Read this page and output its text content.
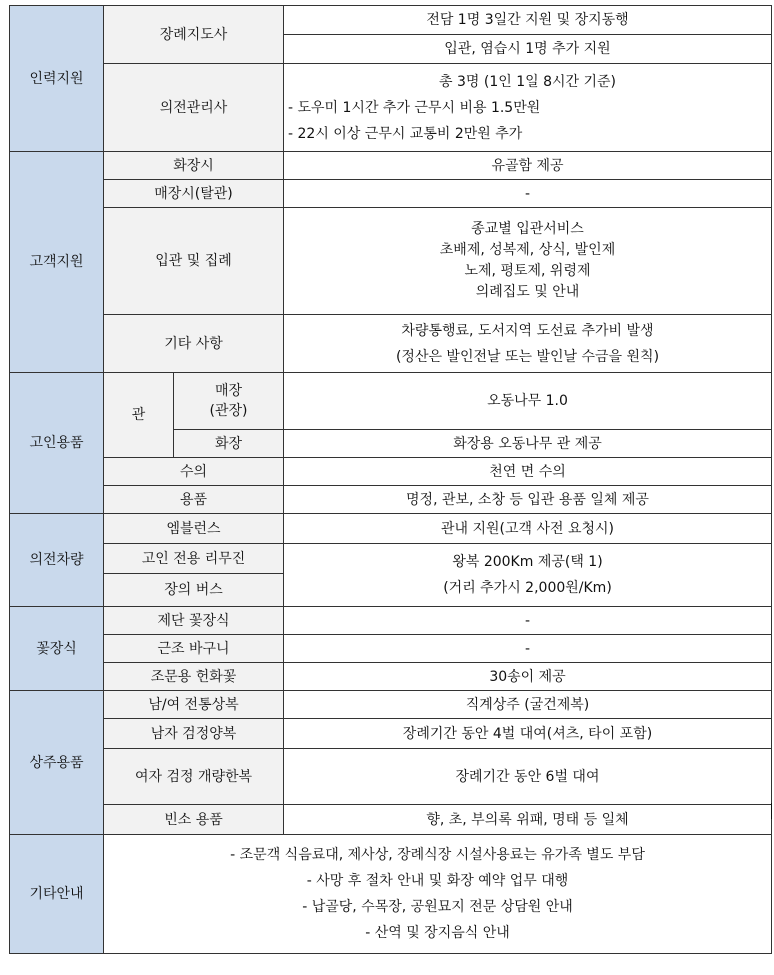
인력지원	장례지도사		전담 1명 3일간 지원 및 장지동행
			입관, 염습시 1명 추가 지원
	의전관리사		총 3명 (1인 1일 8시간 기준)
- 도우미 1시간 추가 근무시 비용 1.5만원
- 22시 이상 근무시 교통비 2만원 추가

고객지원	화장시		유골함 제공
	매장시(탈관)		-
	입관 및 집례		종교별 입관서비스
초배제, 성복제, 상식, 발인제
노제, 평토제, 위령제
의례집도 및 안내

	기타 사항		차량통행료, 도서지역 도선료 추가비 발생
(정산은 발인전날 또는 발인날 수금을 원칙)

고인용품	관	매장
(관장)	오동나무 1.0
		화장	화장용 오동나무 관 제공
	수의		천연 면 수의
	용품		명정, 관보, 소창 등 입관 용품 일체 제공
의전차량	엠블런스		관내 지원(고객 사전 요청시)
	고인 전용 리무진		왕복 200Km 제공(택 1)
(거리 추가시 2,000원/Km)

	장의 버스		
꽃장식	제단 꽃장식		-
	근조 바구니		-
	조문용 헌화꽃		30송이 제공
상주용품	남/여 전통상복		직계상주 (굴건제복)
	남자 검정양복		장례기간 동안 4벌 대여(셔츠, 타이 포함)
	여자 검정 개량한복		장례기간 동안 6벌 대여
	빈소 용품		향, 초, 부의록 위패, 명태 등 일체
기타안내	- 조문객 식음료대, 제사상, 장례식장 시설사용료는 유가족 별도 부담
- 사망 후 절차 안내 및 화장 예약 업무 대행
- 납골당, 수목장, 공원묘지 전문 상담원 안내
- 산역 및 장지음식 안내		
